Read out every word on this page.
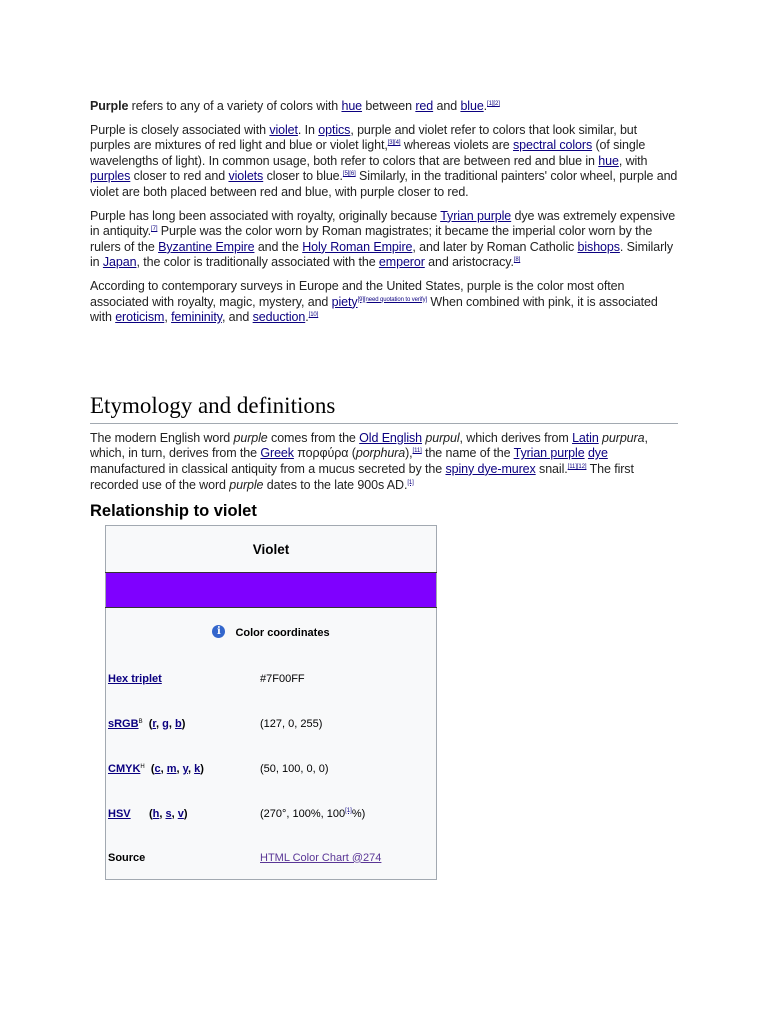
Purple refers to any of a variety of colors with hue between red and blue.[1][2]

Purple is closely associated with violet. In optics, purple and violet refer to colors that look similar, but purples are mixtures of red light and blue or violet light,[3][4] whereas violets are spectral colors (of single wavelengths of light). In common usage, both refer to colors that are between red and blue in hue, with purples closer to red and violets closer to blue.[5][6] Similarly, in the traditional painters' color wheel, purple and violet are both placed between red and blue, with purple closer to red.

Purple has long been associated with royalty, originally because Tyrian purple dye was extremely expensive in antiquity.[7] Purple was the color worn by Roman magistrates; it became the imperial color worn by the rulers of the Byzantine Empire and the Holy Roman Empire, and later by Roman Catholic bishops. Similarly in Japan, the color is traditionally associated with the emperor and aristocracy.[8]

According to contemporary surveys in Europe and the United States, purple is the color most often associated with royalty, magic, mystery, and piety[9][need quotation to verify] When combined with pink, it is associated with eroticism, femininity, and seduction.[10]

Etymology and definitions

The modern English word purple comes from the Old English purpul, which derives from Latin purpura, which, in turn, derives from the Greek πορφύρα (porphura),[11] the name of the Tyrian purple dye manufactured in classical antiquity from a mucus secreted by the spiny dye-murex snail.[11][12] The first recorded use of the word purple dates to the late 900s AD.[1]

Relationship to violet
Violet	

i Color coordinates	
Hex triplet	#7F00FF
sRGB$^B$  (r, g, b)	(127, 0, 255)
$CMYK^H$  (c, m, y, k)	(50, 100, 0, 0)
HSV      (h, s, v)	(270°, 100%, 100[1]%)
Source	HTML Color Chart @274
